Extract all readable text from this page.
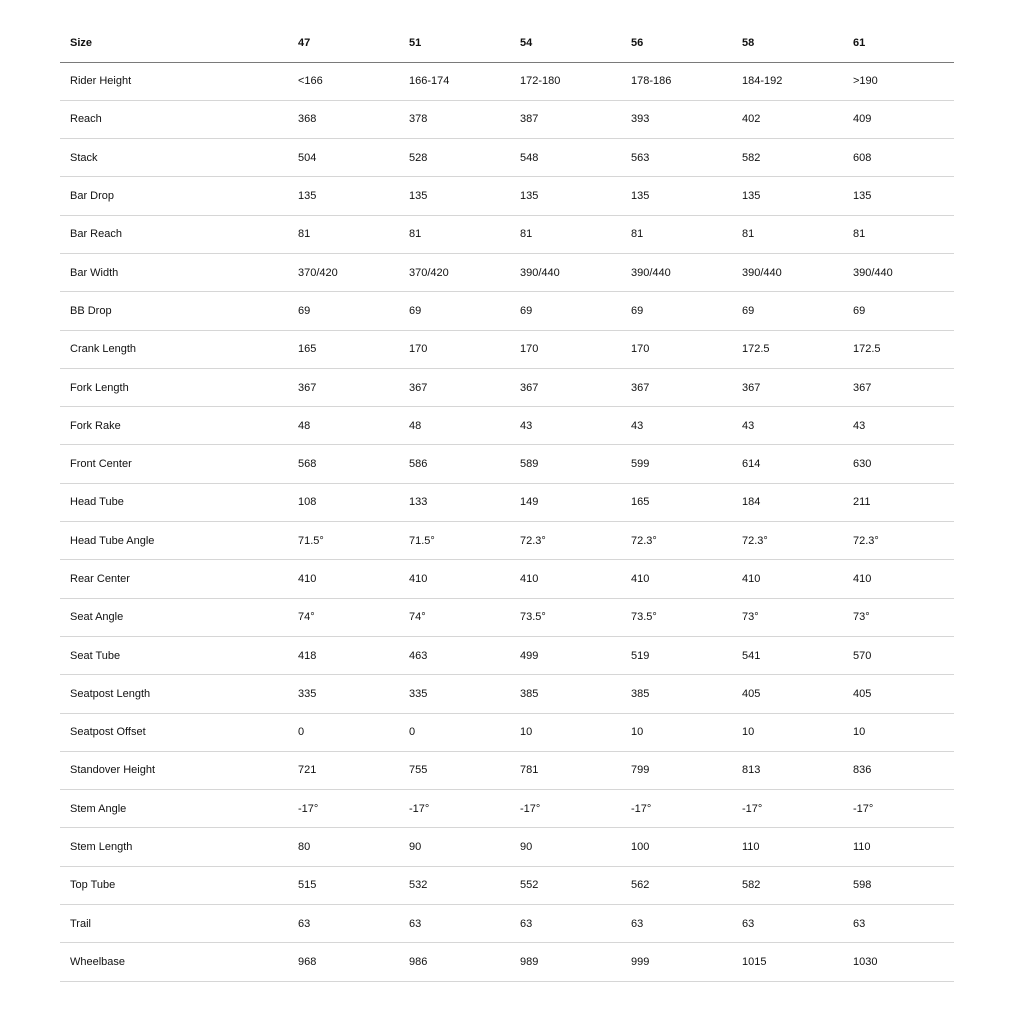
Size	47	51	54	56	58	61
Rider Height	<166	166-174	172-180	178-186	184-192	>190
Reach	368	378	387	393	402	409
Stack	504	528	548	563	582	608
Bar Drop	135	135	135	135	135	135
Bar Reach	81	81	81	81	81	81
Bar Width	370/420	370/420	390/440	390/440	390/440	390/440
BB Drop	69	69	69	69	69	69
Crank Length	165	170	170	170	172.5	172.5
Fork Length	367	367	367	367	367	367
Fork Rake	48	48	43	43	43	43
Front Center	568	586	589	599	614	630
Head Tube	108	133	149	165	184	211
Head Tube Angle	71.5°	71.5°	72.3°	72.3°	72.3°	72.3°
Rear Center	410	410	410	410	410	410
Seat Angle	74°	74°	73.5°	73.5°	73°	73°
Seat Tube	418	463	499	519	541	570
Seatpost Length	335	335	385	385	405	405
Seatpost Offset	0	0	10	10	10	10
Standover Height	721	755	781	799	813	836
Stem Angle	-17°	-17°	-17°	-17°	-17°	-17°
Stem Length	80	90	90	100	110	110
Top Tube	515	532	552	562	582	598
Trail	63	63	63	63	63	63
Wheelbase	968	986	989	999	1015	1030
